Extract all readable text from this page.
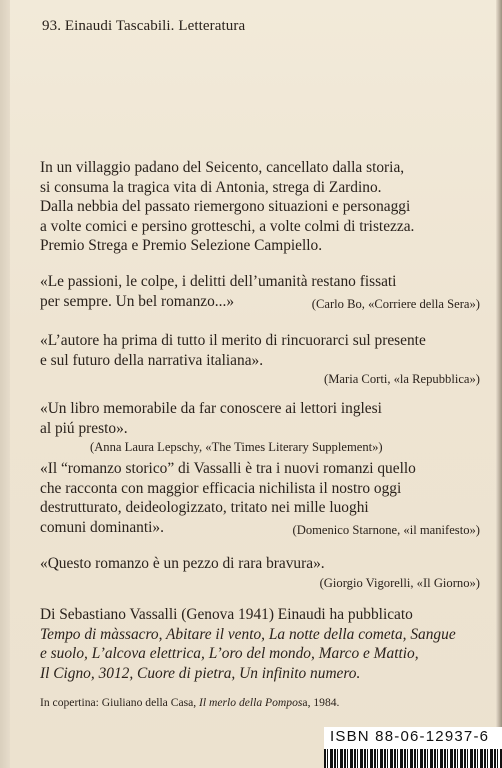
93. Einaudi Tascabili. Letteratura
In un villaggio padano del Seicento, cancellato dalla storia,
si consuma la tragica vita di Antonia, strega di Zardino.
Dalla nebbia del passato riemergono situazioni e personaggi
a volte comici e persino grotteschi, a volte colmi di tristezza.
Premio Strega e Premio Selezione Campiello.
«Le passioni, le colpe, i delitti dell’umanità restano fissati
per sempre. Un bel romanzo...»	(Carlo Bo, «Corriere della Sera»)
«L’autore ha prima di tutto il merito di rincuorarci sul presente
e sul futuro della narrativa italiana».
(Maria Corti, «la Repubblica»)
«Un libro memorabile da far conoscere ai lettori inglesi
al piú presto».
(Anna Laura Lepschy, «The Times Literary Supplement»)
«Il “romanzo storico” di Vassalli è tra i nuovi romanzi quello
che racconta con maggior efficacia nichilista il nostro oggi
destrutturato, deideologizzato, tritato nei mille luoghi
comuni dominanti».	(Domenico Starnone, «il manifesto»)
«Questo romanzo è un pezzo di rara bravura».
(Giorgio Vigorelli, «Il Giorno»)
Di Sebastiano Vassalli (Genova 1941) Einaudi ha pubblicato
Tempo di màssacro, Abitare il vento, La notte della cometa, Sangue
e suolo, L’alcova elettrica, L’oro del mondo, Marco e Mattio,
Il Cigno, 3012, Cuore di pietra, Un infinito numero.
In copertina: Giuliano della Casa, Il merlo della Pomposa, 1984.
ISBN 88-06-12937-6
